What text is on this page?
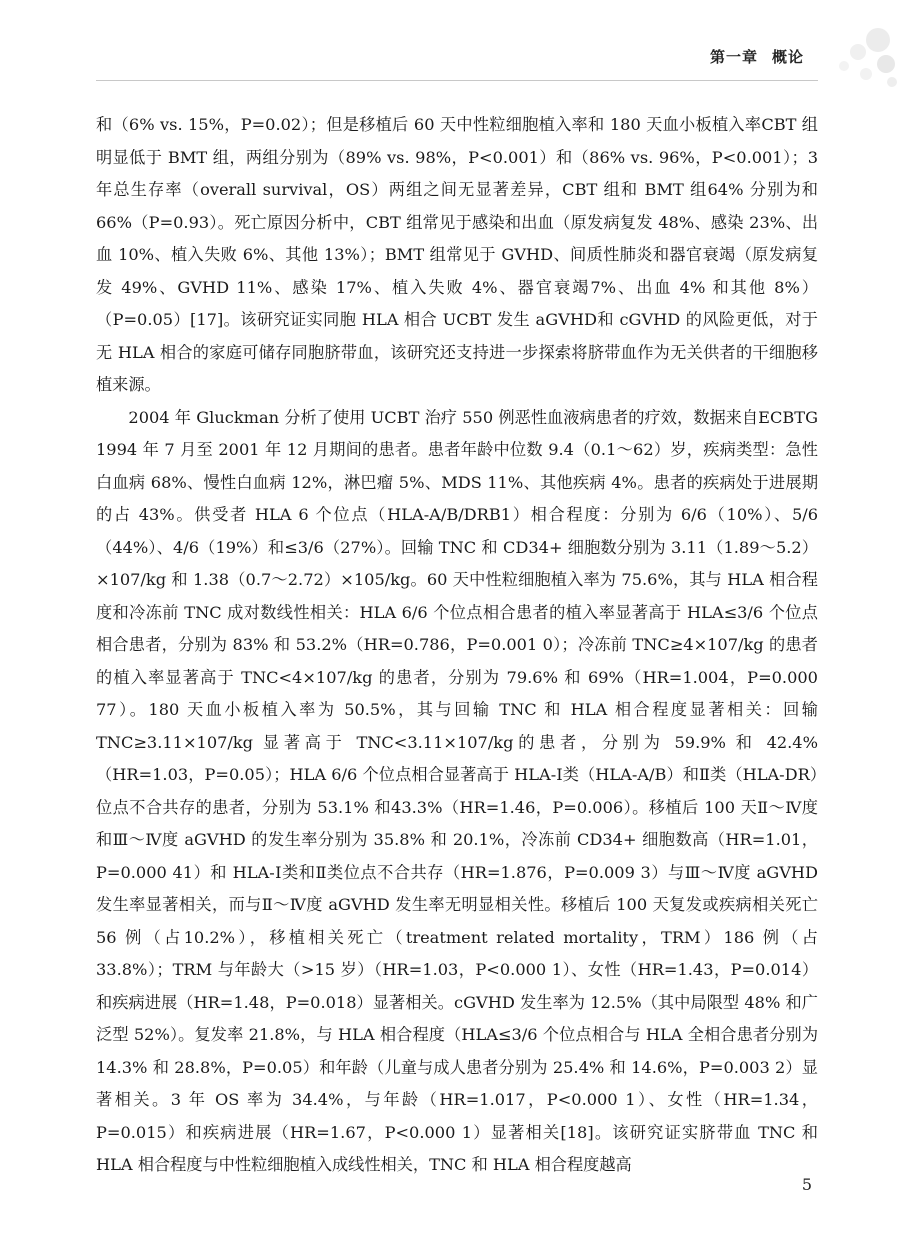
第一章 概论

和（6% vs. 15%，P=0.02）；但是移植后 60 天中性粒细胞植入率和 180 天血小板植入率CBT 组明显低于 BMT 组，两组分别为（89% vs. 98%，P<0.001）和（86% vs. 96%，P<0.001）；3 年总生存率（overall survival，OS）两组之间无显著差异，CBT 组和 BMT 组64% 分别为和 66%（P=0.93）。死亡原因分析中，CBT 组常见于感染和出血（原发病复发 48%、感染 23%、出血 10%、植入失败 6%、其他 13%）；BMT 组常见于 GVHD、间质性肺炎和器官衰竭（原发病复发 49%、GVHD 11%、感染 17%、植入失败 4%、器官衰竭7%、出血 4% 和其他 8%）（P=0.05）[17]。该研究证实同胞 HLA 相合 UCBT 发生 aGVHD和 cGVHD 的风险更低，对于无 HLA 相合的家庭可储存同胞脐带血，该研究还支持进一步探索将脐带血作为无关供者的干细胞移植来源。

2004 年 Gluckman 分析了使用 UCBT 治疗 550 例恶性血液病患者的疗效，数据来自ECBTG 1994 年 7 月至 2001 年 12 月期间的患者。患者年龄中位数 9.4（0.1～62）岁，疾病类型：急性白血病 68%、慢性白血病 12%，淋巴瘤 5%、MDS 11%、其他疾病 4%。患者的疾病处于进展期的占 43%。供受者 HLA 6 个位点（HLA-A/B/DRB1）相合程度：分别为 6/6（10%）、5/6（44%）、4/6（19%）和≤3/6（27%）。回输 TNC 和 CD34+ 细胞数分别为 3.11（1.89～5.2）×107/kg 和 1.38（0.7～2.72）×105/kg。60 天中性粒细胞植入率为 75.6%，其与 HLA 相合程度和冷冻前 TNC 成对数线性相关：HLA 6/6 个位点相合患者的植入率显著高于 HLA≤3/6 个位点相合患者，分别为 83% 和 53.2%（HR=0.786，P=0.001 0）；冷冻前 TNC≥4×107/kg 的患者的植入率显著高于 TNC<4×107/kg 的患者，分别为 79.6% 和 69%（HR=1.004，P=0.000 77）。180 天血小板植入率为 50.5%，其与回输 TNC 和 HLA 相合程度显著相关：回输 TNC≥3.11×107/kg 显著高于 TNC<3.11×107/kg的患者，分别为 59.9% 和 42.4%（HR=1.03，P=0.05）；HLA 6/6 个位点相合显著高于 HLA-Ⅰ类（HLA-A/B）和Ⅱ类（HLA-DR）位点不合共存的患者，分别为 53.1% 和43.3%（HR=1.46，P=0.006）。移植后 100 天Ⅱ～Ⅳ度和Ⅲ～Ⅳ度 aGVHD 的发生率分别为 35.8% 和 20.1%，冷冻前 CD34+ 细胞数高（HR=1.01，P=0.000 41）和 HLA-Ⅰ类和Ⅱ类位点不合共存（HR=1.876，P=0.009 3）与Ⅲ～Ⅳ度 aGVHD 发生率显著相关，而与Ⅱ～Ⅳ度 aGVHD 发生率无明显相关性。移植后 100 天复发或疾病相关死亡 56 例（占10.2%），移植相关死亡（treatment related mortality，TRM）186 例（占 33.8%）；TRM 与年龄大（>15 岁）（HR=1.03，P<0.000 1）、女性（HR=1.43，P=0.014）和疾病进展（HR=1.48，P=0.018）显著相关。cGVHD 发生率为 12.5%（其中局限型 48% 和广泛型 52%）。复发率 21.8%，与 HLA 相合程度（HLA≤3/6 个位点相合与 HLA 全相合患者分别为 14.3% 和 28.8%，P=0.05）和年龄（儿童与成人患者分别为 25.4% 和 14.6%，P=0.003 2）显著相关。3 年 OS 率为 34.4%，与年龄（HR=1.017，P<0.000 1）、女性（HR=1.34，P=0.015）和疾病进展（HR=1.67，P<0.000 1）显著相关[18]。该研究证实脐带血 TNC 和 HLA 相合程度与中性粒细胞植入成线性相关，TNC 和 HLA 相合程度越高

5
